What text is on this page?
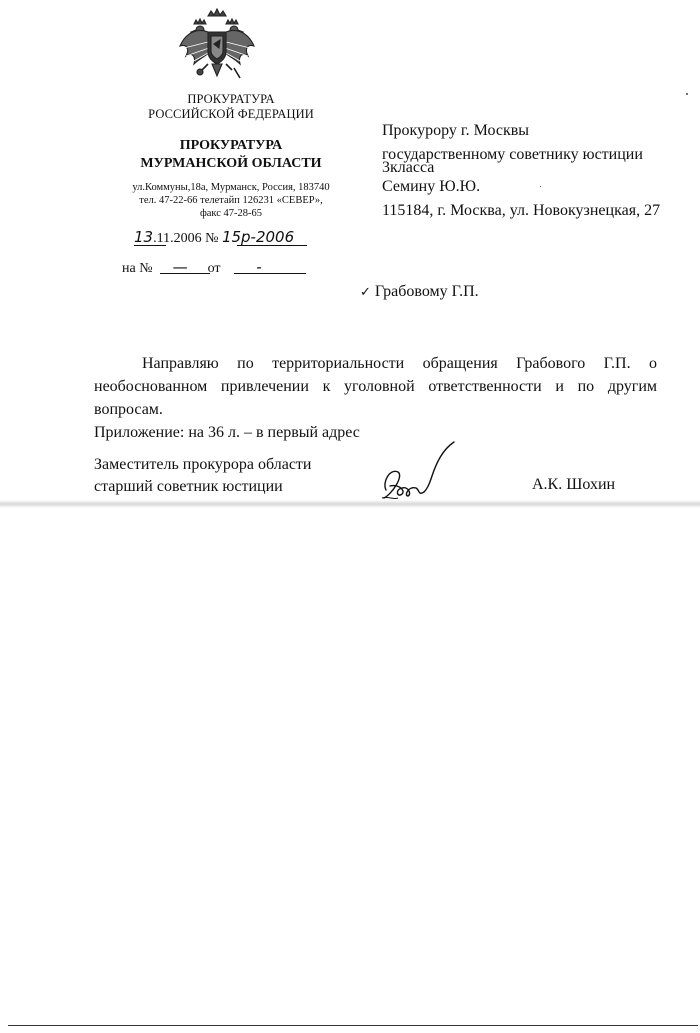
ПРОКУРАТУРА
РОССИЙСКОЙ ФЕДЕРАЦИИ
ПРОКУРАТУРА
МУРМАНСКОЙ ОБЛАСТИ
ул.Коммуны,18а, Мурманск, Россия, 183740
тел. 47-22-66 телетайп 126231 «СЕВЕР»,
факс 47-28-65
13.11.2006 № 15р-2006
на № — от -
Прокурору г. Москвы
государственному советнику юстиции
3класса
Семину Ю.Ю.
115184, г. Москва, ул. Новокузнецкая, 27
✓ Грабовому Г.П.

Направляю по территориальности обращения Грабового Г.П. о необоснованном привлечении к уголовной ответственности и по другим вопросам.

Приложение: на 36 л. – в первый адрес

Заместитель прокурора области
старший советник юстиции	А.К. Шохин
